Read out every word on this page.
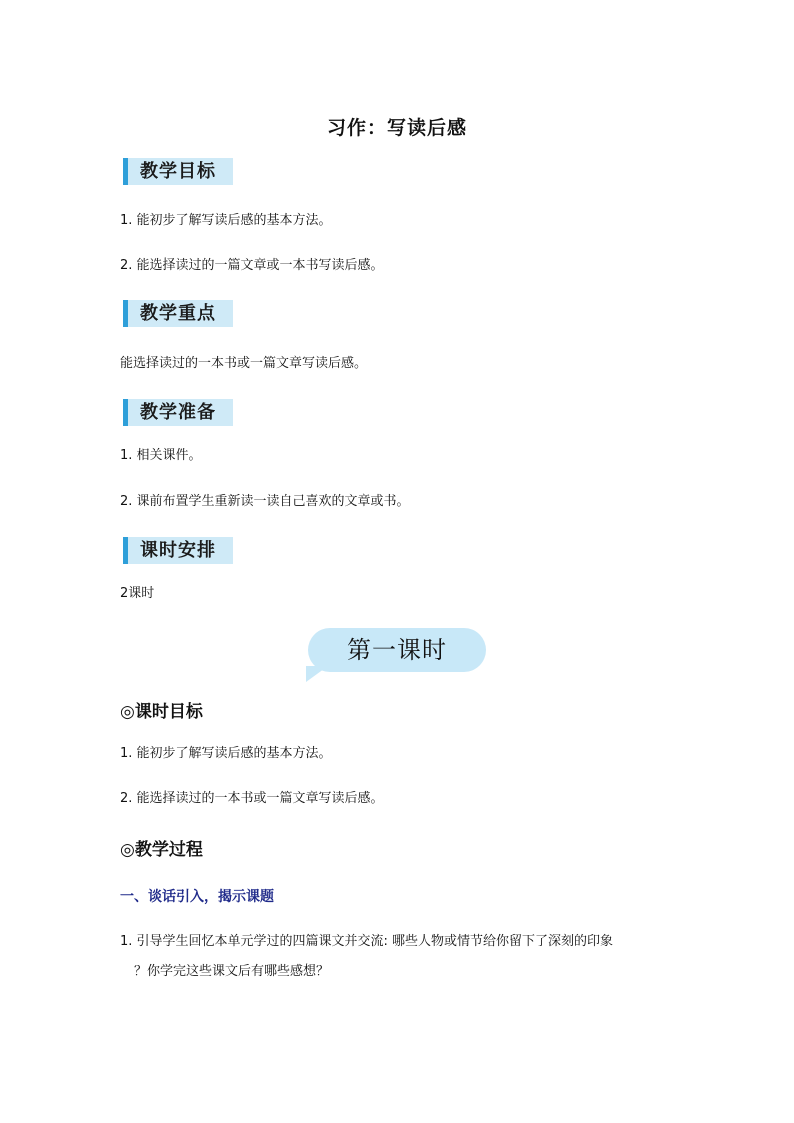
习作：写读后感
教学目标
1. 能初步了解写读后感的基本方法。
2. 能选择读过的一篇文章或一本书写读后感。
教学重点
能选择读过的一本书或一篇文章写读后感。
教学准备
1. 相关课件。
2. 课前布置学生重新读一读自己喜欢的文章或书。
课时安排
2课时
第一课时
◎课时目标
1. 能初步了解写读后感的基本方法。
2. 能选择读过的一本书或一篇文章写读后感。
◎教学过程
一、谈话引入，揭示课题
1. 引导学生回忆本单元学过的四篇课文并交流: 哪些人物或情节给你留下了深刻的印象
？你学完这些课文后有哪些感想？
